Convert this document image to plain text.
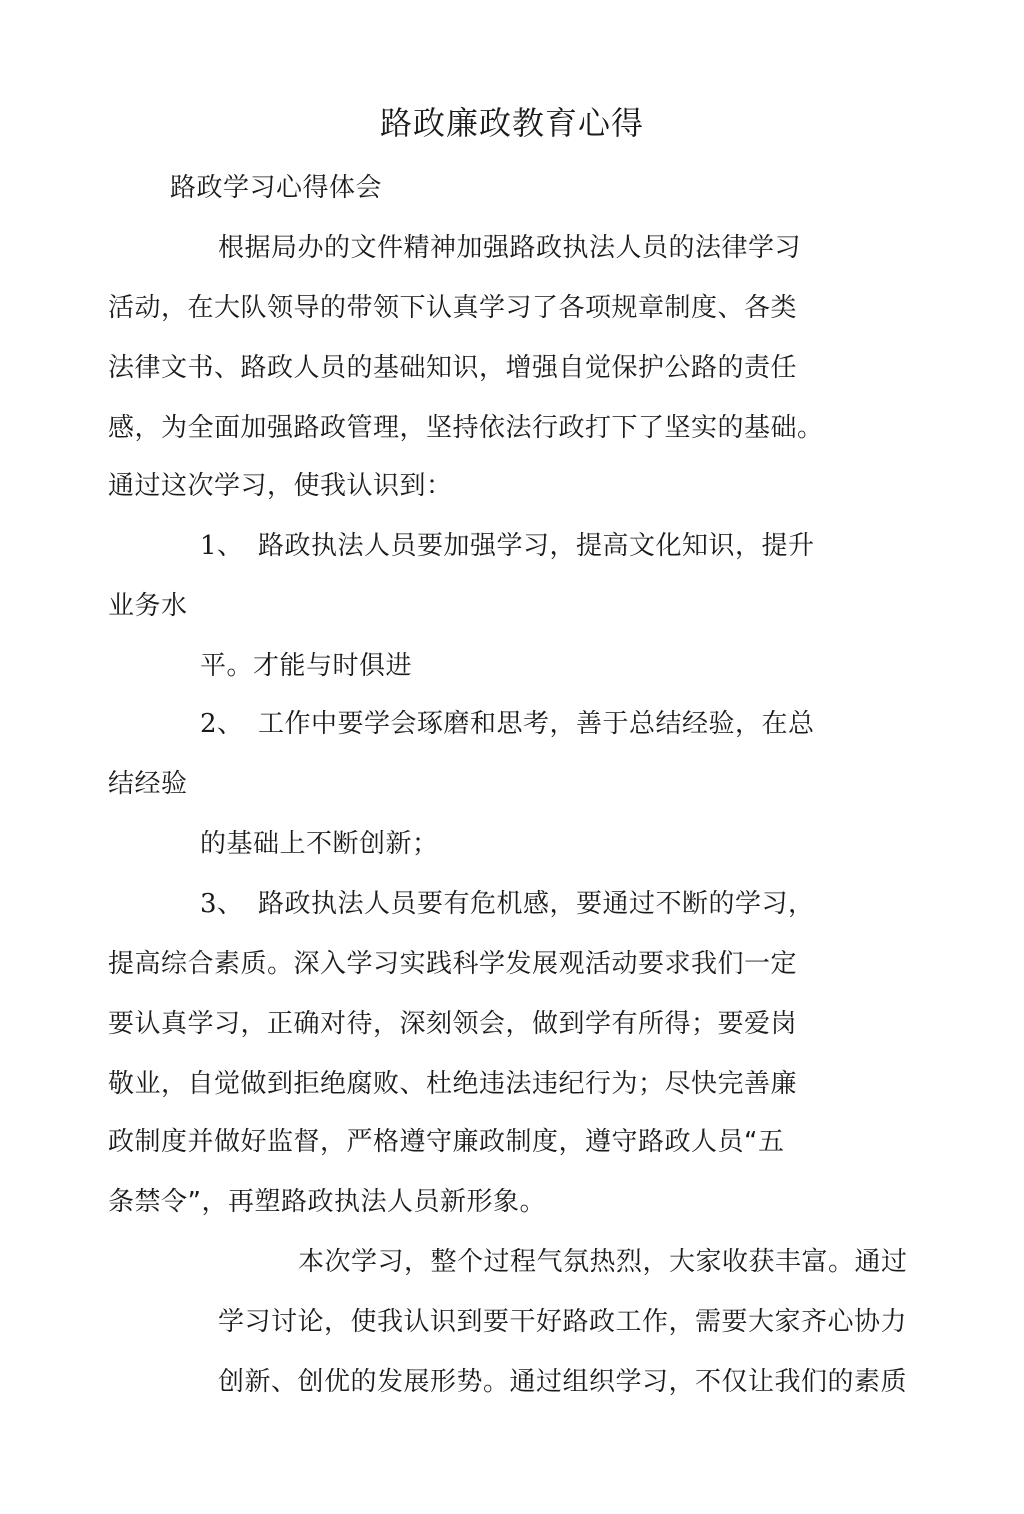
路政廉政教育心得

路政学习心得体会

根据局办的文件精神加强路政执法人员的法律学习

活动，在大队领导的带领下认真学习了各项规章制度、各类

法律文书、路政人员的基础知识，增强自觉保护公路的责任

感，为全面加强路政管理，坚持依法行政打下了坚实的基础。

通过这次学习，使我认识到：

1、 路政执法人员要加强学习，提高文化知识，提升

业务水

平。才能与时俱进

2、 工作中要学会琢磨和思考，善于总结经验，在总

结经验

的基础上不断创新；

3、 路政执法人员要有危机感，要通过不断的学习，

提高综合素质。深入学习实践科学发展观活动要求我们一定

要认真学习，正确对待，深刻领会，做到学有所得；要爱岗

敬业，自觉做到拒绝腐败、杜绝违法违纪行为；尽快完善廉

政制度并做好监督，严格遵守廉政制度，遵守路政人员“五

条禁令”，再塑路政执法人员新形象。

本次学习，整个过程气氛热烈，大家收获丰富。通过

学习讨论，使我认识到要干好路政工作，需要大家齐心协力

创新、创优的发展形势。通过组织学习，不仅让我们的素质
